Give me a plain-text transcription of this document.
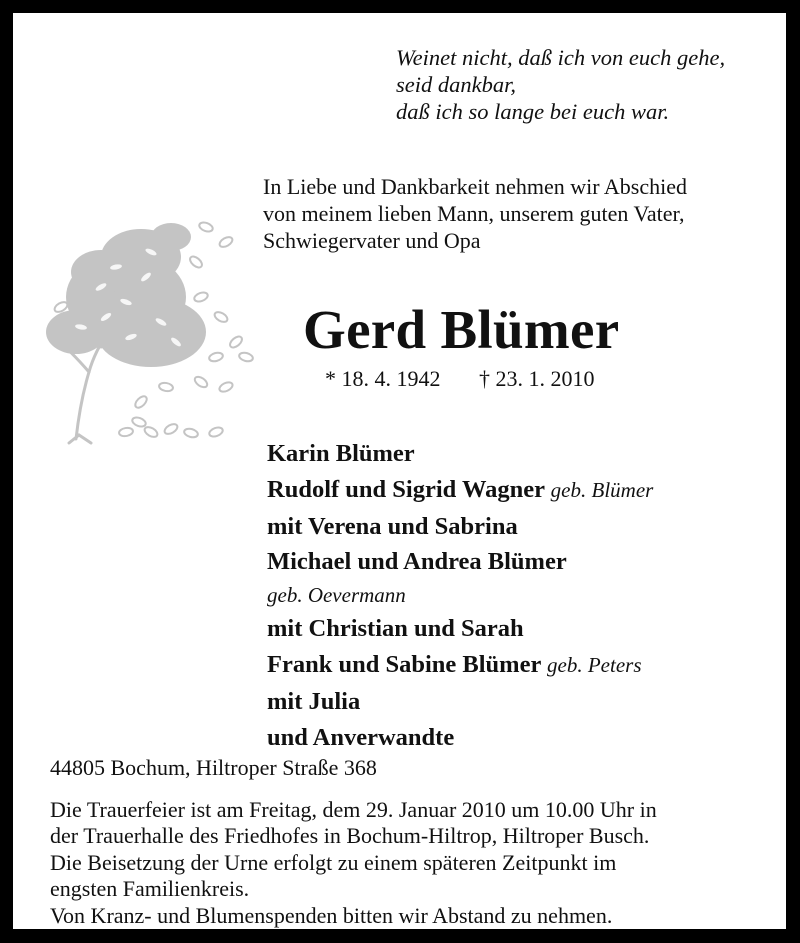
Weinet nicht, daß ich von euch gehe,
seid dankbar,
daß ich so lange bei euch war.
In Liebe und Dankbarkeit nehmen wir Abschied
von meinem lieben Mann, unserem guten Vater,
Schwiegervater und Opa
Gerd Blümer
* 18. 4. 1942 † 23. 1. 2010
Karin Blümer
Rudolf und Sigrid Wagner geb. Blümer
mit Verena und Sabrina
Michael und Andrea Blümer
geb. Oevermann
mit Christian und Sarah
Frank und Sabine Blümer geb. Peters
mit Julia
und Anverwandte
44805 Bochum, Hiltroper Straße 368
Die Trauerfeier ist am Freitag, dem 29. Januar 2010 um 10.00 Uhr in
der Trauerhalle des Friedhofes in Bochum-Hiltrop, Hiltroper Busch.
Die Beisetzung der Urne erfolgt zu einem späteren Zeitpunkt im
engsten Familienkreis.
Von Kranz- und Blumenspenden bitten wir Abstand zu nehmen.
